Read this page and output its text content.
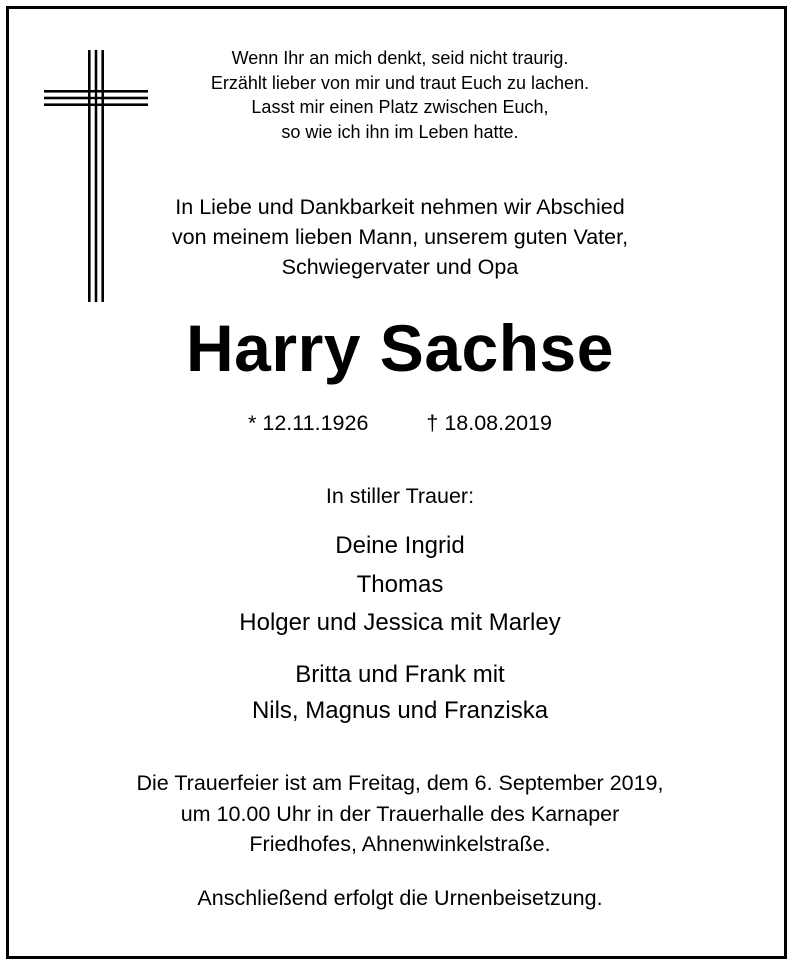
Wenn Ihr an mich denkt, seid nicht traurig.
Erzählt lieber von mir und traut Euch zu lachen.
Lasst mir einen Platz zwischen Euch,
so wie ich ihn im Leben hatte.
In Liebe und Dankbarkeit nehmen wir Abschied
von meinem lieben Mann, unserem guten Vater,
Schwiegervater und Opa
Harry Sachse
* 12.11.1926	† 18.08.2019
In stiller Trauer:
Deine Ingrid
Thomas
Holger und Jessica mit Marley
Britta und Frank mit
Nils, Magnus und Franziska
Die Trauerfeier ist am Freitag, dem 6. September 2019,
um 10.00 Uhr in der Trauerhalle des Karnaper
Friedhofes, Ahnenwinkelstraße.
Anschließend erfolgt die Urnenbeisetzung.
